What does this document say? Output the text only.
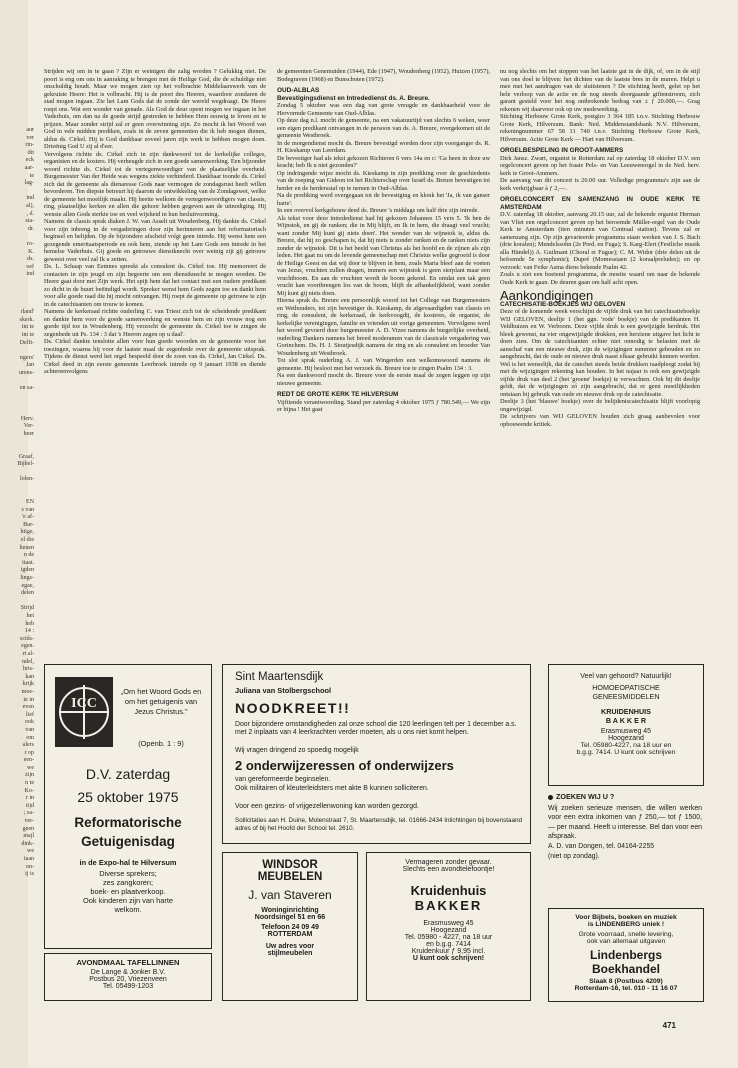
aur
ver
rin-
dit
eck
aar-
te
lag-
ind
al),
, d.
sta-
dr.
ro-
K.
ds.
oef
ind
rland'
skerk.
int te
int te
Delft-
ngers'
Jan
urens-
en sa-
Herv.
Ver-
heer
Graaf,
Bijbel-
lolen-
EN
s van
'e af-
Bur-
htige,
el die
lienen
n de
itaat.
igden
lings-
egae,
delen
Strijd
het
heb
14 :
scids-
egen.
rt al-
ndel,
hris-
kan
krijk
moe-
te in
even
lief
ook
van
om
alers
r op
een-
we
zijn
n te
Ko-
r in
tijd
; sa-
ver-
geen
majl
dink-
we
taan
on-
ij is

Strijden wij om in te gaan ? Zijn er weinigen die zalig worden ? Gelukkig niet. De poort is eng om ons in aanraking te brengen met de Heilige God, die de schuldige niet onschuldig houdt. Maar we mogen zien op het volbrachte Middelaarswerk van de gekruiste Heere: Het is volbracht. Hij is de poort des Heeren, waardoor zondaren de stad mogen ingaan. Zie het Lam Gods dat de zonde der wereld wegdraagt. De Heere roept ons. Wat een wonder van genade. Als God de deur opent mogen we ingaan in het Vaderhuis, om dan na de goede strijd gestreden te hebben Hem eeuwig te loven en te prijzen. Maar zonder strijd zal er geen overwinning zijn. Zo mocht ik het Woord van God in vele midden prediken, zoals in de zeven gemeenten die ik heb mogen dienen, aldus ds. Cirkel. Hij is God dankbaar zoveel jaren zijn werk te hebben mogen doen. Drieënig God U zij al d'eer.

Vervolgens richtte ds. Cirkel zich in zijn dankwoord tot de kerkelijke colleges, organisten en de kosters. Hij verheugde zich in een goede samenwerking. Een bijzonder woord richtte ds. Cirkel tot de vertegenwoordiger van de plaatselijke overheid. Burgemeester Van der Heide was wegens ziekte verhinderd. Dankbaar toonde ds. Cirkel zich dat de gemeente als dienaresse Gods naar vermogen de zondagsrust heeft willen bevorderen. Ten diepste betreurt hij daarom de ontwikkeling van de Zondagswet, welke de gemeente het moeilijk maakt. Hij heette welkom de vertegenwoordigers van classis, ring, plaatselijke kerken en allen die gehoor hebben gegeven aan de uitnodiging. Hij wenste allen Gods sterkte toe en veel wijsheid in hun besluitvorming.

Namens de classis sprak diaken J. W. van Asselt uit Woudenberg. Hij dankte ds. Cirkel voor zijn inbreng in de vergaderingen door zijn herinneren aan het reformatorisch beginsel en belijden. Op de bijzondere afscheid volgt geen intrede. Hij wenst hem een gezegende emeritaatsperiode en ook hem, ziende op het Lam Gods een intrede in het hemelse Vaderhuis. Gij goede en getrouwe dienstknecht over weinig zijt gij getrouw geweest over veel zal Ik u zetten.

Ds. L. Schaap van Eemnes spreekt als consulent ds. Cirkel toe. Hij memoreert de contacten in zijn jeugd en zijn begeerte om een dienstknecht te mogen worden. De Heere gaat door met Zijn werk. Het spijt hem dat het contact met een oudere predikant zo dicht in de buurt beëindigd wordt. Spreker wenst hem Gods zegen toe en dankt hem voor alle goede raad die hij mocht ontvangen. Hij roept de gemeente op getrouw te zijn in de catechisanten om trouw te komen.

Namens de kerkeraad richtte ouderling C. van Triest zich tot de scheidende predikant en dankte hem voor de goede samenwerking en wenste hem en zijn vrouw nog een goede tijd toe in Woudenberg. Hij verzocht de gemeente ds. Cirkel toe te zingen de zegenbede uit Ps. 134 : 3 dat 's Heeren zegen op u daal'.

Ds. Cirkel dankte tenslotte allen voor hun goede woorden en de gemeente voor het toezingen, waarna hij voor de laatste maal de zegenbede over de gemeente uitsprak. Tijdens de dienst werd het orgel bespeeld door de zoon van ds. Cirkel, Jan Cirkel. Ds. Cirkel deed in zijn eerste gemeente Leerbroek intrede op 9 januari 1938 en diende achtereenvolgens

de gemeenten Genemuiden (1944), Ede (1947), Woudenberg (1952), Huizen (1957), Bodegraven (1968) en Bunschoten (1972).

OUD-ALBLAS

Bevestigingsdienst en Intrededienst ds. A. Breure.

Zondag 5 oktober was een dag van grote vreugde en dankbaarheid voor de Hervormde Gemeente van Oud-Alblas.

Op deze dag n.l. mocht de gemeente, na een vakatuurtijd van slechts 6 weken, weer een eigen predikant ontvangen in de persoon van ds. A. Breure, overgekomen uit de gemeente Westbroek.

In de morgendienst mocht ds. Breure bevestigd worden door zijn voorganger ds. R. H. Kieskamp van Leerdam.

De bevestiger had als tekst gekozen Richteren 6 vers 14a en c: 'Ga heen in deze uw kracht; heb Ik u niet gezonden?'

Op indringende wijze mocht ds. Kieskamp in zijn prediking over de geschiedenis van de roeping van Gideon tot het Richterschap over Israël ds. Breure bevestigen tot herder en de herdersstaf op te nemen in Oud-Alblas.

Na de prediking werd overgegaan tot de bevestiging en klonk het 'Ja, ik van ganser harte'.

In een overvol kerkgebouw deed ds. Breure 's middags om half drie zijn intrede.

Als tekst voor deze intrededienst had hij gekozen Johannes 15 vers 5. 'Ik ben de Wijnstok, en gij de ranken; die in Mij blijft, en Ik in hem, die draagt veel vrucht; want zonder Mij kunt gij niets doen'. Het wonder van de wijnstok is, aldus ds. Breure, dat hij zo geschapen is, dat hij niets is zonder ranken en de ranken niets zijn zonder de wijnstok. Dit is het beeld van Christus als het hoofd en de zijnen als zijn leden. Het gaat nu om de levende gemeenschap met Christus welke gegroeid is door de Heilige Geest en dat wij door te blijven in hem, zoals Maria bleef aan de voeten van Jezus, vruchten zullen dragen, immers een wijnstok is geen sierplant maar een vruchtboom. En aan de vruchten wordt de boom gekend. En omdat een tak geen vrucht kan voortbrengen los van de boom, blijft de afhankelijkheid, want zonder Mij kunt gij niets doen.

Hierna sprak ds. Breure een persoonlijk woord tot het College van Burgemeesters en Wethouders, tot zijn bevestiger ds. Kieskamp, de afgevaardigden van classis en ring, de consulent, de kerkeraad, de kerkvoogdij, de kosteres, de organist, de kerkelijke verenigingen, familie en vrienden uit vorige gemeenten. Vervolgens werd het woord gevoerd door burgemeester A. D. Vizee namens de burgerlijke overheid, ouderling Dankers namens het breed moderamen van de classicale vergadering van Gorinchem. Ds. H. J. Stoutjesdijk namens de ring en als consulent en broeder Van Woudenberg uit Westbroek.

Tot slot sprak ouderling A. J. van Wingerden een welkomswoord namens de gemeente. Hij besloot met het verzoek ds. Breure toe te zingen Psalm 134 : 3.

Na een dankwoord mocht ds. Breure voor de eerste maal de zegen leggen op zijn nieuwe gemeente.

REDT DE GROTE KERK TE HILVERSUM

Vijftiende verantwoording. Stand per zaterdag 4 oktober 1975 ƒ 780.549,— We zijn er bijna ! Het gaat

nu nog slechts om het stoppen van het laatste gat in de dijk, of, om in de stijl van ons doel te blijven: het dichten van de laatste bres in de muren. Helpt u mee met het aandragen van de sluitstenen ? De stichting heeft, gelet op het hele verloop van de actie en de nog steeds doorgaande giftenstroom, zich garant gesteld voor het nog ontbrekende bedrag van ± ƒ 20.000,—. Grag rekenen wij daarvoor ook op uw medewerking.

Stichting Herbouw Grote Kerk, postgiro 3 364 185 t.n.v. Stichting Herbouw Grote Kerk, Hilversum. Bank: Ned. Middenstandsbank N.V. Hilversum, rekeningnummer 67 58 11 740 t.n.v. Stichting Herbouw Grote Kerk, Hilversum. Actie Grote Kerk — Hart van Hilversum.

ORGELBESPELING IN GROOT-AMMERS

Dirk Jansz. Zwart, organist te Rotterdam zal op zaterdag 18 oktober D.V. een orgelconcert geven op het fraaie Pels- en Van Leeuwenorgel in de Ned. herv. kerk te Groot-Ammers.

De aanvang van dit concert is 20.00 uur. Volledige programma's zijn aan de kerk verkrijgbaar à ƒ 2,—.

ORGELCONCERT EN SAMENZANG IN OUDE KERK TE AMSTERDAM

D.V. zaterdag 18 oktober, aanvang 20.15 uur, zal de bekende organist Herman van Vliet een orgelconcert geven op het beroemde Müller-orgel van de Oude Kerk te Amsterdam (tien minuten van Centraal station). Tevens zal er samenzang zijn. Op zijn gevarieerde programma staan werken van J. S. Bach (drie koralen); Mendelssohn (2e Pred. en Fuga); S. Karg-Elert (Festliche musik alla Händel)) A. Guilmant (Choral et Fugue); C. M. Widor (drie delen uit de befoemde 5e symphonie); Dupré (Momessiaen (2 koraalpreludes); en op verzoek: van Feike Asma diens bekende Psalm 42.

Zoals u ziet een boeiend programma, de moeite waard om naar de bekende Oude Kerk te gaan. De deuren gaan om half acht open.

Aankondigingen

CATECHISATIE-BOEKJES WIJ GELOVEN

Deze of de komende week verschijnt de vijfde druk van het catechisatieboekje WIJ GELOVEN, deeltje 1 (het ggn. 'rode' boekje) van de predikanten H. Veldhuizen en W. Verboom. Deze vijfde druk is een gewijzigde herdruk. Het bleek gewenst, na vier ongewijzigde drukken, een herziene uitgave het licht te doen zien. Om de catechisanten echter niet onnodig te belasten met de aanschaf van een nieuwe druk, zijn de wijzigingen summier gehouden en zo aangebracht, dat de oude en nieuwe druk naast elkaar gebruikt kunnen worden. Wel is het wenselijk, dat de catechet steeds beide drukken raadpleegt zodat hij met de wijzigingen rekening kan houden. In het najaar is ook een gewijzigde vijfde druk van deel 2 (het 'groene' boekje) te verwachten. Ook bij dit deeltje geldt, dat de wijzigingen zó zijn aangebracht, dat er geen moeilijkheden ontstaan bij gebruik van oude en nieuwe druk op de catechisatie.

Deeltje 3 (het 'blauwe' boekje) over de belijdeniscatechisatie blijft voorlopig ongewijzigd.

De schrijvers van WIJ GELOVEN houden zich graag aanbevolen voor opbouwende kritiek.

ICC
„Om het Woord Gods en om het getuigenis van Jezus Christus."
(Openb. 1 : 9)
D.V. zaterdag
25 oktober 1975
Reformatorische
Getuigenisdag
in de Expo-hal te Hilversum
Diverse sprekers;
zes zangkoren;
boek- en plaatverkoop.
Ook kinderen zijn van harte welkom.
AVONDMAAL TAFELLINNEN
De Lange & Jonker B.V.
Postbus 20, Vriezenveen
Tel. 05499-1203
Sint Maartensdijk
Juliana van Stolbergschool
NOODKREET!!
Door bijzondere omstandigheden zal onze school die 120 leerlingen telt per 1 december a.s. met 2 inplaats van 4 leerkrachten verder moeten, als u ons niet komt helpen.
Wij vragen dringend zo spoedig mogelijk
2 onderwijzeressen of onderwijzers
van gereformeerde beginselen.
Ook militairen of kleuterleidsters met akte B kunnen solliciteren.
Voor een gezins- of vrijgezellenwoning kan worden gezorgd.
Sollicitaties aan H. Duine, Molenstraat 7, St. Maartensdijk, tel. 01666-2434 Inlichtingen bij bovenstaand adres of bij het Hoofd der School tel. 2610.
WINDSOR
MEUBELEN
J. van Staveren
Woninginrichting
Noordsingel 51 en 66
Telefoon 24 09 49
ROTTERDAM
Uw adres voor
stijlmeubelen
Vermageren zonder gevaar.
Slechts een avondtelefoontje!
Kruidenhuis
BAKKER
Erasmusweg 45
Hoogezand
Tel. 05980 - 4227, na 18 uur
en b.g.g. 7414
Kruidenkuur ƒ 9,95 incl.
U kunt ook schrijven!
Veel van gehoord? Natuurlijk!
HOMOEOPATISCHE
GENEESMIDDELEN
KRUIDENHUIS
B A K K E R
Erasmusweg 45
Hoogezand
Tel. 05980-4227, na 18 uur en
b.g.g. 7414. U kunt ook schrijven
ZOEKEN WIJ U ?
Wij zoeken serieuze mensen, die willen werken voor een extra inkomen van ƒ 250,— tot ƒ 1500,— per maand. Heeft u interesse. Bel dan voor een afspraak.
A. D. van Dongen, tel. 04164-2255
(niet op zondag).
Voor Bijbels, boeken en muziek
is LINDENBERG uniek !
Grote voorraad, snelle levering,
ook van allemaal uitgaven
Lindenbergs
Boekhandel
Slaak 8 (Postbus 4209)
Rotterdam-16, tel. 010 - 11 16 07
471
